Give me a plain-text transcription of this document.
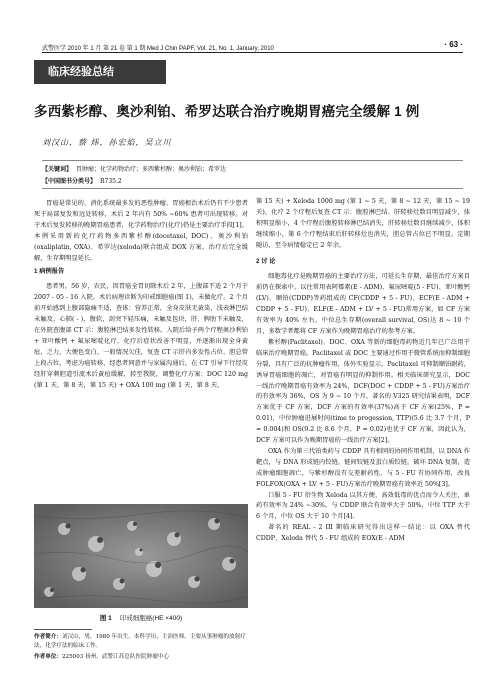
武警医学 2010 年 1 月 第 21 卷 第 1 期 Med J Chin PAPF, Vol. 21, No. 1, January, 2010	· 63 ·
临床经验总结
多西紫杉醇、奥沙利铂、希罗达联合治疗晚期胃癌完全缓解 1 例
刘汉山，蔡 炜，孙宏焰，吴立川
【关键词】 胃肿瘤；化学药物治疗；多西紫杉醇；奥沙利铂；希罗达
【中国图书分类号】 R735.2

胃癌是常见的、消化系统最多发的恶性肿瘤。胃癌根治术后仍有不少患者死于局部复发和远处转移，术后 2 年内有 50% ~60% 患者可出现转移。对于术后复发转移的晚期胃癌患者，化学药物治疗(化疗)仍是主要治疗手段[1]。本例采用新的化疗药物多西紫杉醇(docetaxel, DOC)、奥沙利铂(oxaliplatin, OXA)、希罗达(xeloda)联合组成 DOX 方案，治疗后完全缓解，生存期明显延长。

1 病例报告

患者男，56 岁，农民，因胃癌全胃切除术后 2 年，上腹部不适 2 个月于 2007 - 05 - 16 入院。术后病理诊断为印戒细胞癌(图 1)，未做化疗。2 个月前开始感到上腹部隐痛不适，查体：营养正常，全身皮肤无黄染，浅表淋巴结未触及，心肺( - )，腹软，剑突下轻压痛，未触及包块，肝、脾肋下未触及，在外院查腹部 CT 示：腹腔淋巴结多发性转移。入院后给予两个疗程奥沙利铂 + 亚叶酸钙 + 氟尿嘧啶化疗，化疗后症状改善不明显，并逐渐出现全身黄疸，乏力，大便色变白，一般情况欠佳，复查 CT 示肝内多发性占位、胆总管上段占位，考虑为癌转移，经患者同意并与家属沟通后，在 CT 引导下行经皮经肝穿刺胆道引流术后黄疸缓解，转至我院，调整化疗方案：DOC 120 mg (第 1 天，第 8 天，第 15 天) + OXA 100 mg (第 1 天，第 8 天，

第 15 天) + Xeloda 1000 mg (第 1 ~ 5 天，第 8 ~ 12 天，第 15 ~ 19 天)，化疗 2 个疗程后复查 CT 示：腹腔淋巴结、肝转移灶数目明显减少，体积明显缩小，4 个疗程后腹腔转移淋巴结消失，肝转移灶数目继续减少，体积继续缩小，第 6 个疗程结束后肝转移灶也消失，胆总管占位已不明显。定期随访，至今病情稳定已 2 年余。

2 讨 论

细胞毒化疗是晚期胃癌的主要治疗方法，可延长生存期，最佳治疗方案目前仍在探索中。以往常用表阿霉素(E - ADM)、氟尿嘧啶(5 - FU)、亚叶酸钙(LV)、顺铂(CDDP)等药组成的 CF(CDDP + 5 - FU)、ECF(E - ADM + CDDP + 5 - FU)、ELF(E - ADM + LV + 5 - FU)常用方案，如 CF 方案有效率为 40% 左右，中位总生存期(overall survival, OS)达 8 ~ 10 个月，多数学者都将 CF 方案作为晚期胃癌治疗的参考方案。

紫杉醇(Paclitaxel)、DOC、OXA 等新的细胞毒药物近几年已广泛用于临床治疗晚期胃癌。Paclitaxel 或 DOC 主要通过作用于微管系统而抑制细胞分裂，具有广泛的抗肿瘤作用，体外实验显示，Paclitaxel 可抑制顺铂耐药，诱导胃癌细胞的凋亡，对胃癌有明显的抑制作用。相关临床研究显示，DOC 一线治疗晚期胃癌有效率为 24%，DCF(DOC + CDDP + 5 - FU)方案治疗的有效率为 36%，OS 为 9 ~ 10 个月。著名的 V325 研究结果表明，DCF 方案优于 CF 方案，DCF 方案的有效率(37%)高于 CF 方案(25%，P = 0.01)，中位肿瘤进展时间(time to progession, TTP)(5.6 比 3.7 个月，P = 0.004)和 OS(9.2 比 8.6 个月，P = 0.02)也优于 CF 方案，因此认为，DCF 方案可以作为晚期胃癌的一线治疗方案[2]。

OXA 作为第三代铂类药与 CDDP 具有相同的协同作用机制，以 DNA 作靶点，与 DNA 形成链内铰链，链间铰链及蛋白质铰链，破坏 DNA 复制，造成肿瘤细胞凋亡，与紫杉醇没有交差耐药性，与 5 - FU 有协同作用，改良 FOLFOX(OXA + LV + 5 - FU)方案治疗晚期胃癌有效率近 50%[3]。

口服 5 - FU 衍生物 Xeloda 以其方便、高效低毒的优点而令人关注，单药有效率为 24% ~30%，与 CDDP 联合有效率大于 50%，中位 TTP 大于 6 个月，中位 OS 大于 10 个月[4]。

著名的 REAL - 2 III 期临床研究得出这样一结论：以 OXA 替代 CDDP、Xeloda 替代 5 - FU 组成的 EOX(E - ADM

图 1 印戒细胞癌(HE ×400)
作者简介：刘汉山，男，1980 年出生。本科学历，主治医师。主要从事肿瘤的放射疗法，化学疗法的临床工作。
作者单位：225003 扬州，武警江苏总队医院肿瘤中心
